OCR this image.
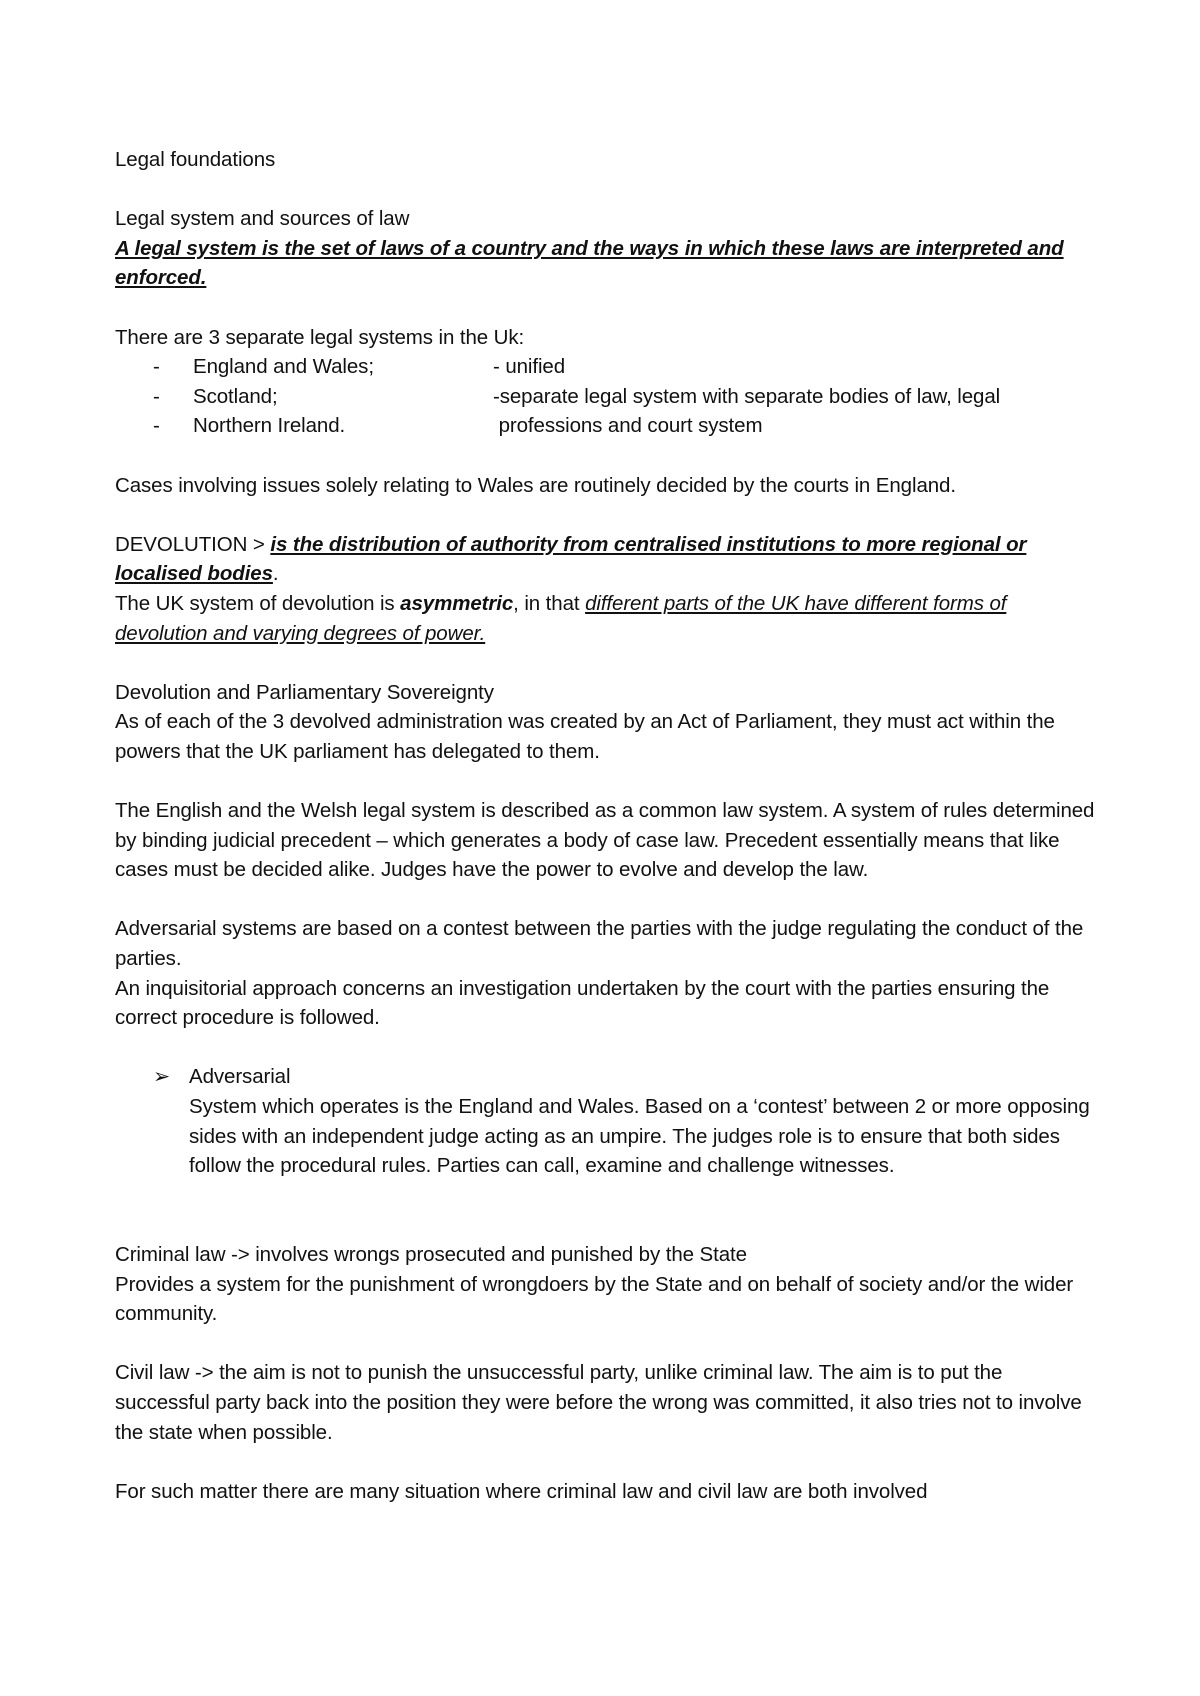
Legal foundations

Legal system and sources of law

A legal system is the set of laws of a country and the ways in which these laws are interpreted and enforced.

There are 3 separate legal systems in the Uk:

-	England and Wales;	- unified
-	Scotland;	-separate legal system with separate bodies of law, legal
-	Northern Ireland.	professions and court system

Cases involving issues solely relating to Wales are routinely decided by the courts in England.

DEVOLUTION > is the distribution of authority from centralised institutions to more regional or localised bodies.

The UK system of devolution is asymmetric, in that different parts of the UK have different forms of devolution and varying degrees of power.

Devolution and Parliamentary Sovereignty

As of each of the 3 devolved administration was created by an Act of Parliament, they must act within the powers that the UK parliament has delegated to them.

The English and the Welsh legal system is described as a common law system. A system of rules determined by binding judicial precedent – which generates a body of case law. Precedent essentially means that like cases must be decided alike. Judges have the power to evolve and develop the law.

Adversarial systems are based on a contest between the parties with the judge regulating the conduct of the parties.

An inquisitorial approach concerns an investigation undertaken by the court with the parties ensuring the correct procedure is followed.

➢ Adversarial

System which operates is the England and Wales. Based on a ‘contest’ between 2 or more opposing sides with an independent judge acting as an umpire. The judges role is to ensure that both sides follow the procedural rules. Parties can call, examine and challenge witnesses.

Criminal law -> involves wrongs prosecuted and punished by the State

Provides a system for the punishment of wrongdoers by the State and on behalf of society and/or the wider community.

Civil law -> the aim is not to punish the unsuccessful party, unlike criminal law. The aim is to put the successful party back into the position they were before the wrong was committed, it also tries not to involve the state when possible.

For such matter there are many situation where criminal law and civil law are both involved
